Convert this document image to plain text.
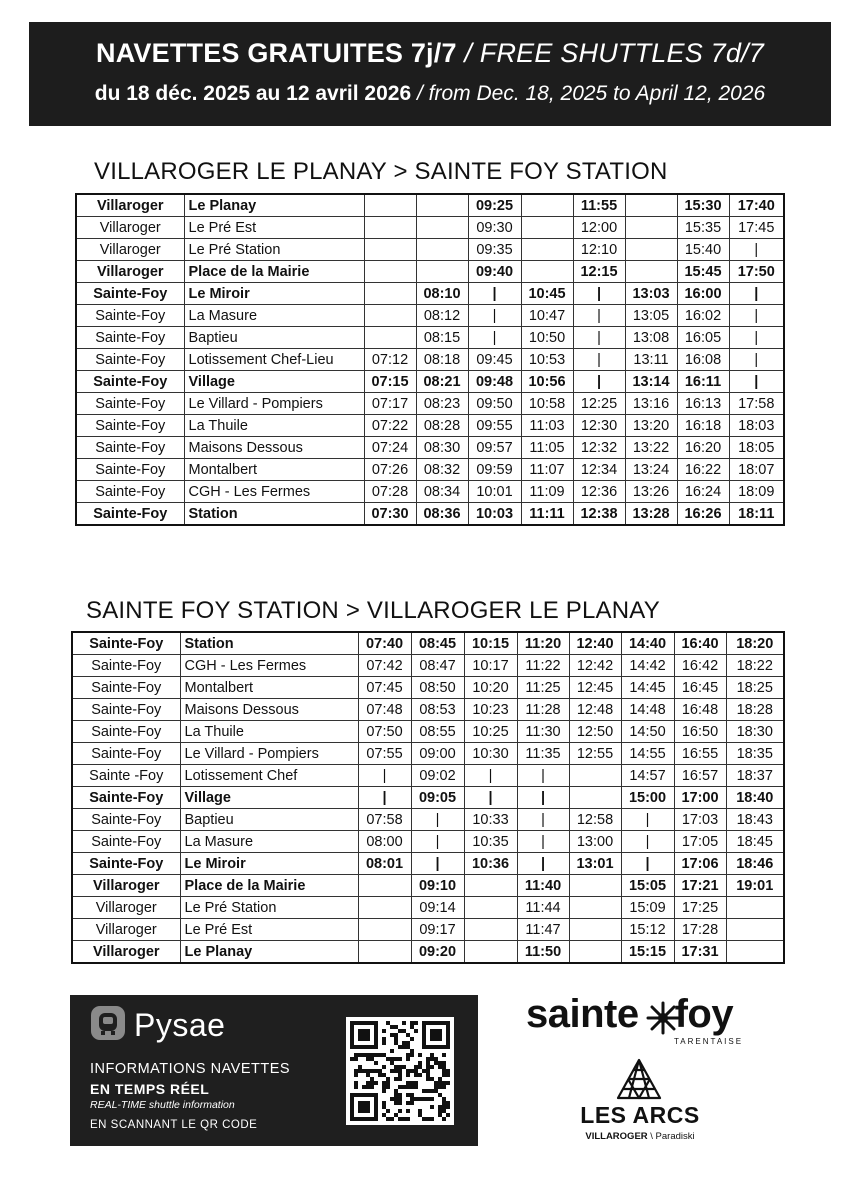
NAVETTES GRATUITES 7j/7 / FREE SHUTTLES 7d/7
du 18 déc. 2025 au 12 avril 2026 / from Dec. 18, 2025 to April 12, 2026
VILLAROGER LE PLANAY > SAINTE FOY STATION
Villaroger	Le Planay			09:25		11:55		15:30	17:40
Villaroger	Le Pré Est			09:30		12:00		15:35	17:45
Villaroger	Le Pré Station			09:35		12:10		15:40	|
Villaroger	Place de la Mairie			09:40		12:15		15:45	17:50
Sainte-Foy	Le Miroir		08:10	|	10:45	|	13:03	16:00	|
Sainte-Foy	La Masure		08:12	|	10:47	|	13:05	16:02	|
Sainte-Foy	Baptieu		08:15	|	10:50	|	13:08	16:05	|
Sainte-Foy	Lotissement Chef-Lieu	07:12	08:18	09:45	10:53	|	13:11	16:08	|
Sainte-Foy	Village	07:15	08:21	09:48	10:56	|	13:14	16:11	|
Sainte-Foy	Le Villard - Pompiers	07:17	08:23	09:50	10:58	12:25	13:16	16:13	17:58
Sainte-Foy	La Thuile	07:22	08:28	09:55	11:03	12:30	13:20	16:18	18:03
Sainte-Foy	Maisons Dessous	07:24	08:30	09:57	11:05	12:32	13:22	16:20	18:05
Sainte-Foy	Montalbert	07:26	08:32	09:59	11:07	12:34	13:24	16:22	18:07
Sainte-Foy	CGH - Les Fermes	07:28	08:34	10:01	11:09	12:36	13:26	16:24	18:09
Sainte-Foy	Station	07:30	08:36	10:03	11:11	12:38	13:28	16:26	18:11
SAINTE FOY STATION > VILLAROGER LE PLANAY
Sainte-Foy	Station	07:40	08:45	10:15	11:20	12:40	14:40	16:40	18:20
Sainte-Foy	CGH - Les Fermes	07:42	08:47	10:17	11:22	12:42	14:42	16:42	18:22
Sainte-Foy	Montalbert	07:45	08:50	10:20	11:25	12:45	14:45	16:45	18:25
Sainte-Foy	Maisons Dessous	07:48	08:53	10:23	11:28	12:48	14:48	16:48	18:28
Sainte-Foy	La Thuile	07:50	08:55	10:25	11:30	12:50	14:50	16:50	18:30
Sainte-Foy	Le Villard - Pompiers	07:55	09:00	10:30	11:35	12:55	14:55	16:55	18:35
Sainte -Foy	Lotissement Chef	|	09:02	|	|		14:57	16:57	18:37
Sainte-Foy	Village	|	09:05	|	|		15:00	17:00	18:40
Sainte-Foy	Baptieu	07:58	|	10:33	|	12:58	|	17:03	18:43
Sainte-Foy	La Masure	08:00	|	10:35	|	13:00	|	17:05	18:45
Sainte-Foy	Le Miroir	08:01	|	10:36	|	13:01	|	17:06	18:46
Villaroger	Place de la Mairie		09:10		11:40		15:05	17:21	19:01
Villaroger	Le Pré Station		09:14		11:44		15:09	17:25	
Villaroger	Le Pré Est		09:17		11:47		15:12	17:28	
Villaroger	Le Planay		09:20		11:50		15:15	17:31	
Pysae
INFORMATIONS NAVETTES
EN TEMPS RÉEL
REAL-TIME shuttle information
EN SCANNANT LE QR CODE
sainte foy
TARENTAISE
LES ARCS
VILLAROGER \ Paradiski
